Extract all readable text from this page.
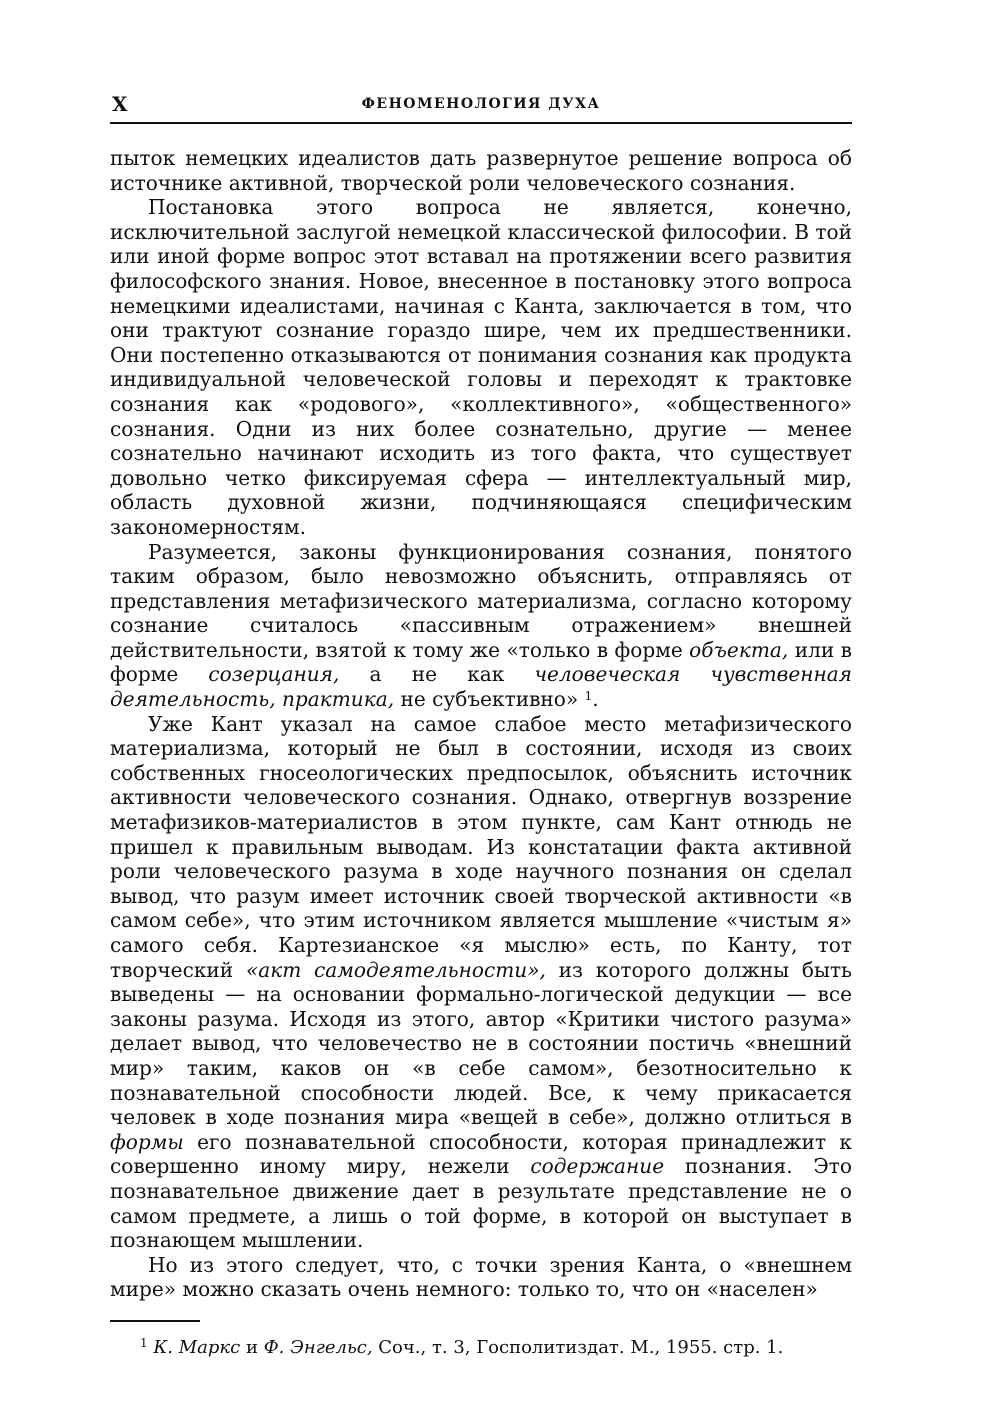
X	ФЕНОМЕНОЛОГИЯ ДУХА

пыток немецких идеалистов дать развернутое решение вопроса об источнике активной, творческой роли человеческого сознания.

Постановка этого вопроса не является, конечно, исключительной заслугой немецкой классической философии. В той или иной форме вопрос этот вставал на протяжении всего развития философского знания. Новое, внесенное в постановку этого вопроса немецкими идеалистами, начиная с Канта, заключается в том, что они трактуют сознание гораздо шире, чем их предшественники. Они постепенно отказываются от понимания сознания как продукта индивидуальной человеческой головы и переходят к трактовке сознания как «родового», «коллективного», «общественного» сознания. Одни из них более сознательно, другие — менее сознательно начинают исходить из того факта, что существует довольно четко фиксируемая сфера — интеллектуальный мир, область духовной жизни, подчиняющаяся специфическим закономерностям.

Разумеется, законы функционирования сознания, понятого таким образом, было невозможно объяснить, отправляясь от представления метафизического материализма, согласно которому сознание считалось «пассивным отражением» внешней действительности, взятой к тому же «только в форме объекта, или в форме созерцания, а не как человеческая чувственная деятельность, практика, не субъективно» $^1$.

Уже Кант указал на самое слабое место метафизического материализма, который не был в состоянии, исходя из своих собственных гносеологических предпосылок, объяснить источник активности человеческого сознания. Однако, отвергнув воззрение метафизиков-материалистов в этом пункте, сам Кант отнюдь не пришел к правильным выводам. Из констатации факта активной роли человеческого разума в ходе научного познания он сделал вывод, что разум имеет источник своей творческой активности «в самом себе», что этим источником является мышление «чистым я» самого себя. Картезианское «я мыслю» есть, по Канту, тот творческий «акт самодеятельности», из которого должны быть выведены — на основании формально-логической дедукции — все законы разума. Исходя из этого, автор «Критики чистого разума» делает вывод, что человечество не в состоянии постичь «внешний мир» таким, каков он «в себе самом», безотносительно к познавательной способности людей. Все, к чему прикасается человек в ходе познания мира «вещей в себе», должно отлиться в формы его познавательной способности, которая принадлежит к совершенно иному миру, нежели содержание познания. Это познавательное движение дает в результате представление не о самом предмете, а лишь о той форме, в которой он выступает в познающем мышлении.

Но из этого следует, что, с точки зрения Канта, о «внешнем мире» можно сказать очень немного: только то, что он «населен»

$^1$ К. Маркс и Ф. Энгельс, Соч., т. 3, Госполитиздат. М., 1955. стр. 1.
